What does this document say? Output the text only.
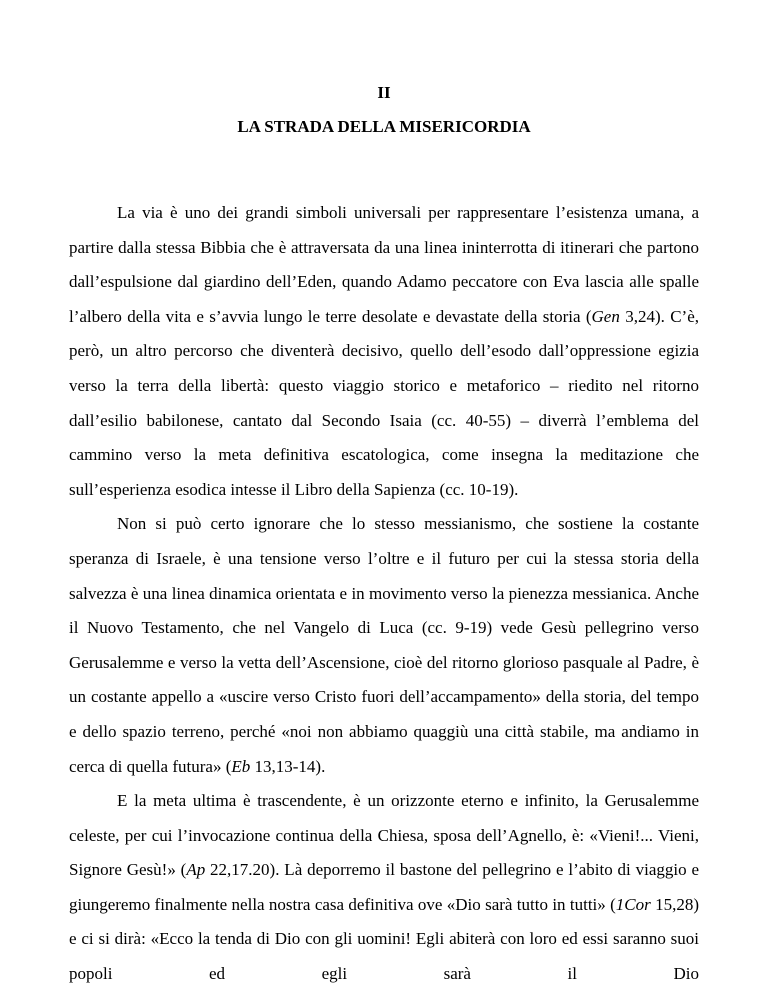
II
LA STRADA DELLA MISERICORDIA

La via è uno dei grandi simboli universali per rappresentare l’esistenza umana, a partire dalla stessa Bibbia che è attraversata da una linea ininterrotta di itinerari che partono dall’espulsione dal giardino dell’Eden, quando Adamo peccatore con Eva lascia alle spalle l’albero della vita e s’avvia lungo le terre desolate e devastate della storia (Gen 3,24). C’è, però, un altro percorso che diventerà decisivo, quello dell’esodo dall’oppressione egizia verso la terra della libertà: questo viaggio storico e metaforico – riedito nel ritorno dall’esilio babilonese, cantato dal Secondo Isaia (cc. 40-55) – diverrà l’emblema del cammino verso la meta definitiva escatologica, come insegna la meditazione che sull’esperienza esodica intesse il Libro della Sapienza (cc. 10-19).

Non si può certo ignorare che lo stesso messianismo, che sostiene la costante speranza di Israele, è una tensione verso l’oltre e il futuro per cui la stessa storia della salvezza è una linea dinamica orientata e in movimento verso la pienezza messianica. Anche il Nuovo Testamento, che nel Vangelo di Luca (cc. 9-19) vede Gesù pellegrino verso Gerusalemme e verso la vetta dell’Ascensione, cioè del ritorno glorioso pasquale al Padre, è un costante appello a «uscire verso Cristo fuori dell’accampamento» della storia, del tempo e dello spazio terreno, perché «noi non abbiamo quaggiù una città stabile, ma andiamo in cerca di quella futura» (Eb 13,13-14).

E la meta ultima è trascendente, è un orizzonte eterno e infinito, la Gerusalemme celeste, per cui l’invocazione continua della Chiesa, sposa dell’Agnello, è: «Vieni!... Vieni, Signore Gesù!» (Ap 22,17.20). Là deporremo il bastone del pellegrino e l’abito di viaggio e giungeremo finalmente nella nostra casa definitiva ove «Dio sarà tutto in tutti» (1Cor 15,28) e ci si dirà: «Ecco la tenda di Dio con gli uomini! Egli abiterà con loro ed essi saranno suoi popoli ed egli sarà il Dio
